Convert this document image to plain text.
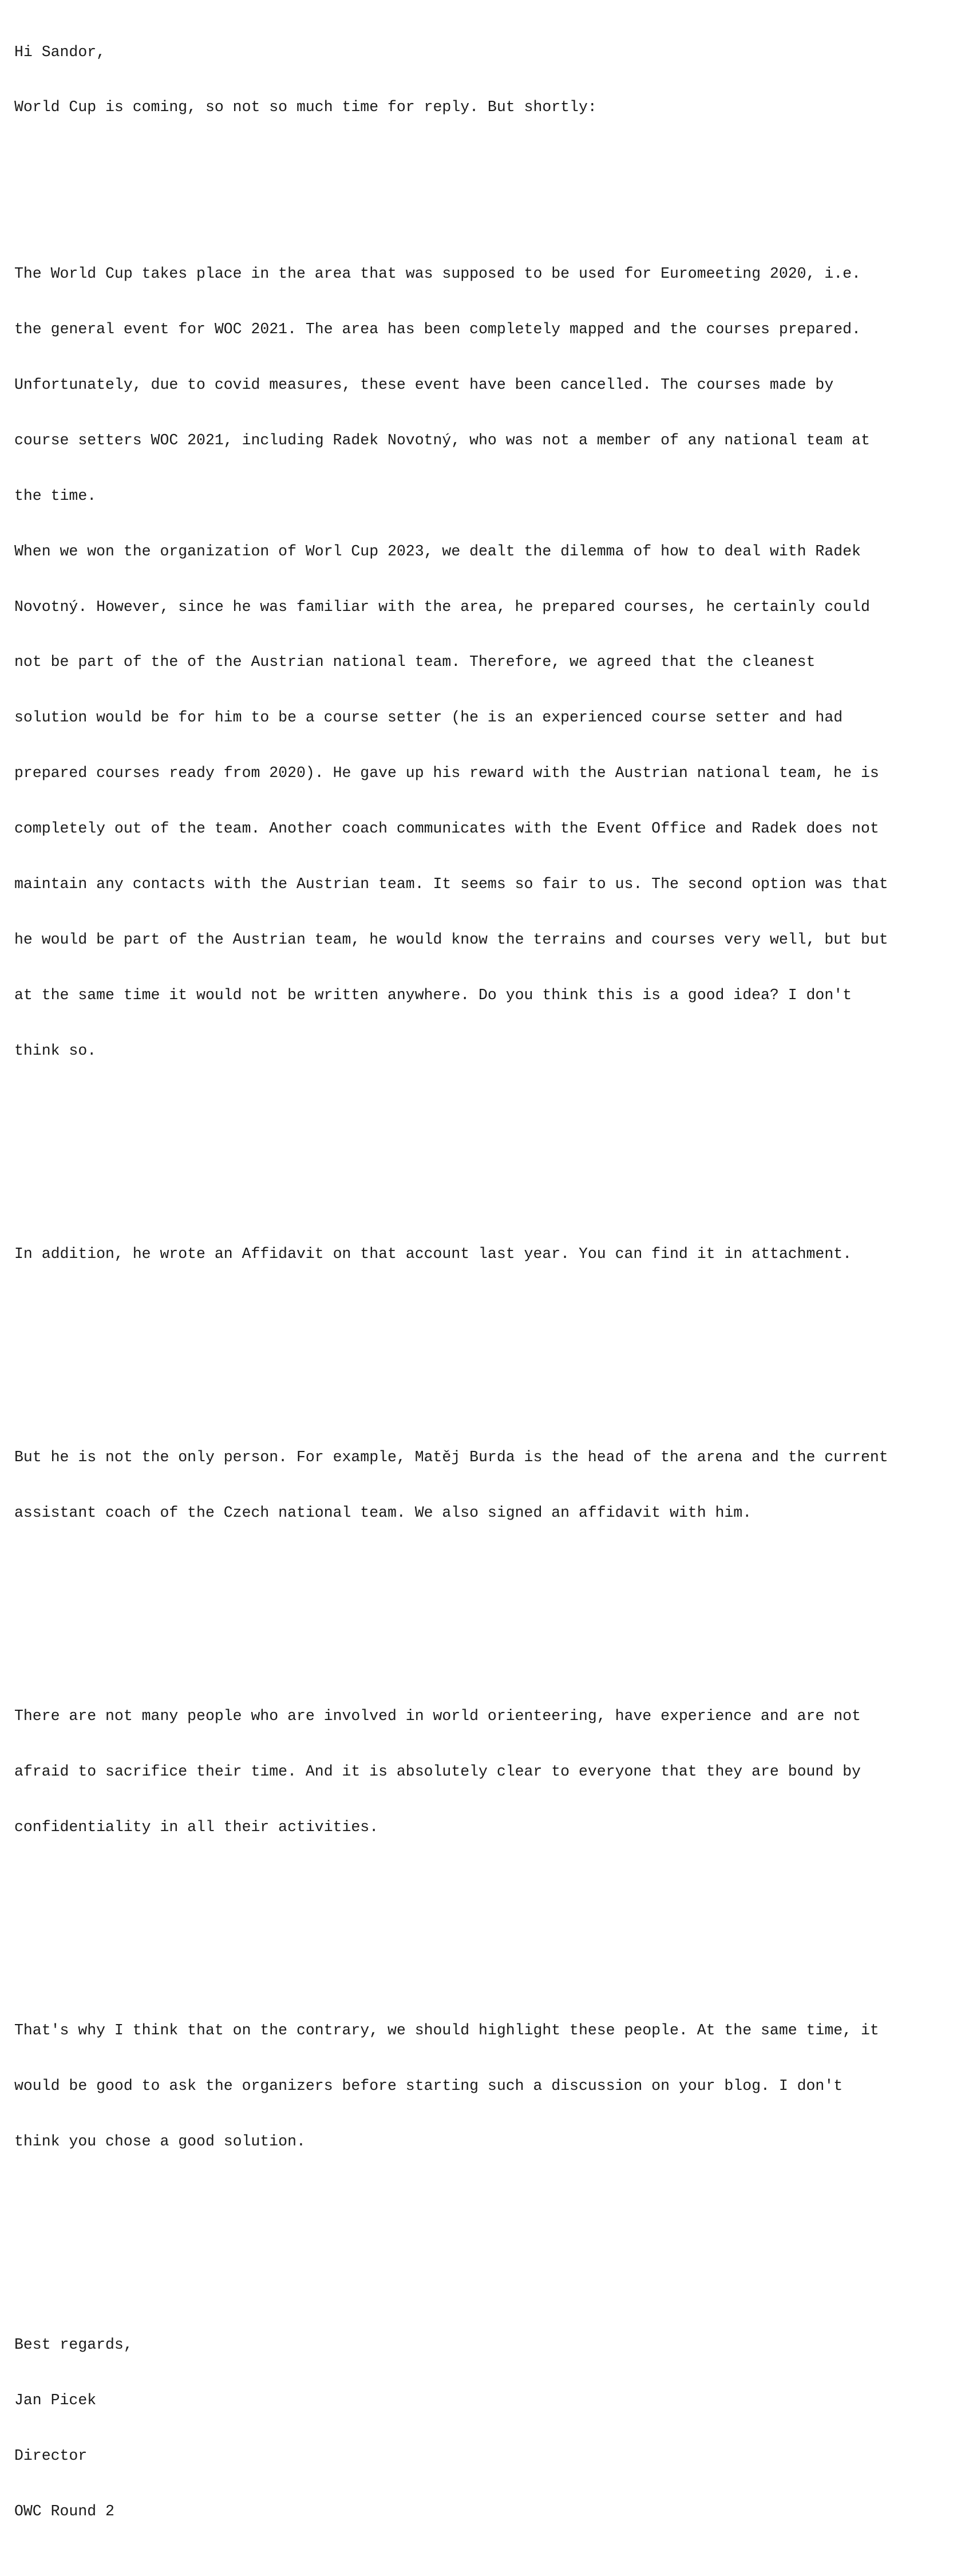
Hi Sandor,

World Cup is coming, so not so much time for reply. But shortly:

The World Cup takes place in the area that was supposed to be used for Euromeeting 2020, i.e.

the general event for WOC 2021. The area has been completely mapped and the courses prepared.

Unfortunately, due to covid measures, these event have been cancelled. The courses made by

course setters WOC 2021, including Radek Novotný, who was not a member of any national team at

the time.

When we won the organization of Worl Cup 2023, we dealt the dilemma of how to deal with Radek

Novotný. However, since he was familiar with the area, he prepared courses, he certainly could

not be part of the of the Austrian national team. Therefore, we agreed that the cleanest

solution would be for him to be a course setter (he is an experienced course setter and had

prepared courses ready from 2020). He gave up his reward with the Austrian national team, he is

completely out of the team. Another coach communicates with the Event Office and Radek does not

maintain any contacts with the Austrian team. It seems so fair to us. The second option was that

he would be part of the Austrian team, he would know the terrains and courses very well, but but

at the same time it would not be written anywhere. Do you think this is a good idea? I don't

think so.

In addition, he wrote an Affidavit on that account last year. You can find it in attachment.

But he is not the only person. For example, Matěj Burda is the head of the arena and the current

assistant coach of the Czech national team. We also signed an affidavit with him.

There are not many people who are involved in world orienteering, have experience and are not

afraid to sacrifice their time. And it is absolutely clear to everyone that they are bound by

confidentiality in all their activities.

That's why I think that on the contrary, we should highlight these people. At the same time, it

would be good to ask the organizers before starting such a discussion on your blog. I don't

think you chose a good solution.

Best regards,

Jan Picek

Director

OWC Round 2
